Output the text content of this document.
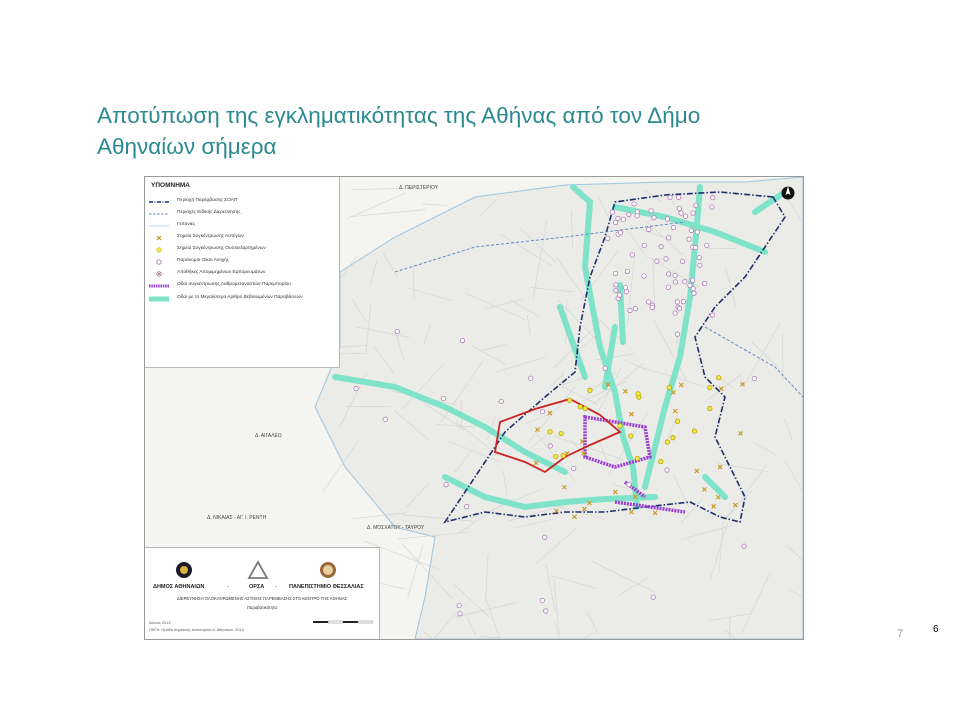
Αποτύπωση της εγκληματικότητας της Αθήνας από τον Δήμο
Αθηναίων σήμερα
Δ. ΠΕΡΙΣΤΕΡΙΟΥ
Δ. ΑΙΓΑΛΕΩ
Δ. ΝΙΚΑΙΑΣ - ΑΓ. Ι. ΡΕΝΤΗ
Δ. ΜΟΣΧΑΤΟΥ - ΤΑΥΡΟΥ
ΥΠΟΜΝΗΜΑ
Περιοχή Παρέμβασης ΣΟΑΠ
Περιοχές Ειδικής Διερεύνησης
Γειτονιές
Σημεία Συγκέντρωσης Αστέγων
Σημεία Συγκέντρωσης Ουσιοεξαρτημένων
Παράνομοι Οίκοι Ανοχής
Αποθήκες Απομιμημένων Εμπορευμάτων
Οδοί συγκέντρωσης Λαθρομεταναστών-Παρεμπορίου
Οδοί με το Μεγαλύτερο Αριθμό Βεβαιωμένων Παραβάσεων
ΔΗΜΟΣ ΑΘΗΝΑΙΩΝ	-	ΟΡΣΑ - ΠΑΝΕΠΙΣΤΗΜΙΟ ΘΕΣΣΑΛΙΑΣ
ΔΙΕΡΕΥΝΗΣΗ ΟΛΟΚΛΗΡΩΜΕΝΗΣ ΑΣΤΙΚΗΣ ΠΑΡΕΜΒΑΣΗΣ ΣΤΟ ΚΕΝΤΡΟ ΤΗΣ ΑΘΗΝΑΣ
Παραβατικότητα
Ιούνιος 2013
ΠΗΓΗ: Ομάδα Δημοτικής Αστυνομίας Δ. Αθηναίων, 2013	7	6
